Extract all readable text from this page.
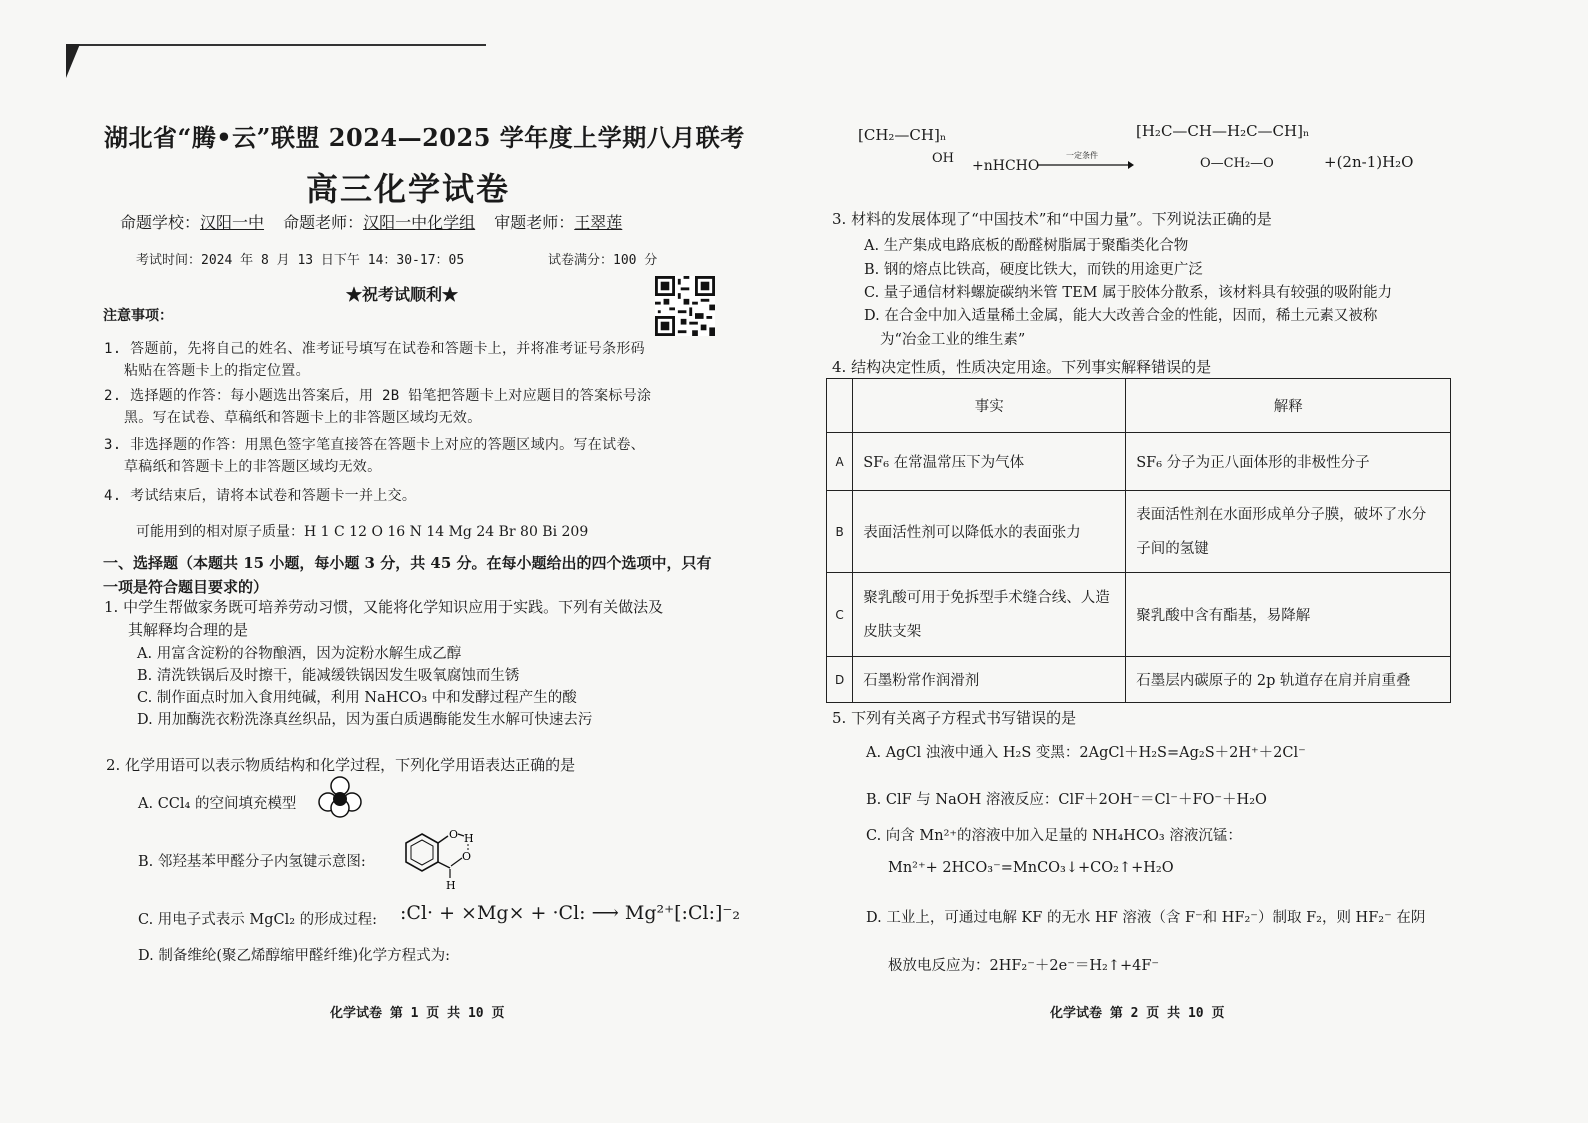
湖北省“腾•云”联盟 2024—2025 学年度上学期八月联考
高三化学试卷
命题学校：汉阳一中 命题老师：汉阳一中化学组 审题老师：王翠莲
考试时间：2024 年 8 月 13 日下午 14：30-17：05	试卷满分：100 分
★祝考试顺利★
注意事项：
1. 答题前，先将自己的姓名、准考证号填写在试卷和答题卡上，并将准考证号条形码
粘贴在答题卡上的指定位置。
2. 选择题的作答：每小题选出答案后，用 2B 铅笔把答题卡上对应题目的答案标号涂
黑。写在试卷、草稿纸和答题卡上的非答题区域均无效。
3. 非选择题的作答：用黑色签字笔直接答在答题卡上对应的答题区域内。写在试卷、
草稿纸和答题卡上的非答题区域均无效。
4. 考试结束后，请将本试卷和答题卡一并上交。
可能用到的相对原子质量：H 1 C 12 O 16 N 14 Mg 24 Br 80 Bi 209
一、选择题（本题共 15 小题，每小题 3 分，共 45 分。在每小题给出的四个选项中，只有一项是符合题目要求的）
1. 中学生帮做家务既可培养劳动习惯，又能将化学知识应用于实践。下列有关做法及
其解释均合理的是
A. 用富含淀粉的谷物酿酒，因为淀粉水解生成乙醇
B. 清洗铁锅后及时擦干，能减缓铁锅因发生吸氧腐蚀而生锈
C. 制作面点时加入食用纯碱，利用 NaHCO₃ 中和发酵过程产生的酸
D. 用加酶洗衣粉洗涤真丝织品，因为蛋白质遇酶能发生水解可快速去污
2. 化学用语可以表示物质结构和化学过程，下列化学用语表达正确的是
A. CCl₄ 的空间填充模型
B. 邻羟基苯甲醛分子内氢键示意图:
O H
O
H
C. 用电子式表示 MgCl₂ 的形成过程: :Cl· + ×Mg× + ·Cl: ⟶ Mg²⁺[:Cl:]⁻₂
D. 制备维纶(聚乙烯醇缩甲醛纤维)化学方程式为:
化学试卷 第 1 页 共 10 页
[CH₂—CH]ₙ
OH +nHCHO
一定条件
[H₂C—CH—H₂C—CH]ₙ
O—CH₂—O	+(2n-1)H₂O
3. 材料的发展体现了“中国技术”和“中国力量”。下列说法正确的是
A. 生产集成电路底板的酚醛树脂属于聚酯类化合物
B. 钢的熔点比铁高，硬度比铁大，而铁的用途更广泛
C. 量子通信材料螺旋碳纳米管 TEM 属于胶体分散系，该材料具有较强的吸附能力
D. 在合金中加入适量稀土金属，能大大改善合金的性能，因而，稀土元素又被称
为“冶金工业的维生素”
4. 结构决定性质，性质决定用途。下列事实解释错误的是
	事实	解释
A	SF₆ 在常温常压下为气体	SF₆ 分子为正八面体形的非极性分子
B	表面活性剂可以降低水的表面张力	表面活性剂在水面形成单分子膜，破坏了水分子间的氢键
C	聚乳酸可用于免拆型手术缝合线、人造皮肤支架	聚乳酸中含有酯基，易降解
D	石墨粉常作润滑剂	石墨层内碳原子的 2p 轨道存在肩并肩重叠
5. 下列有关离子方程式书写错误的是
A. AgCl 浊液中通入 H₂S 变黑：2AgCl＋H₂S=Ag₂S＋2H⁺＋2Cl⁻
B. ClF 与 NaOH 溶液反应：ClF＋2OH⁻＝Cl⁻＋FO⁻＋H₂O
C. 向含 Mn²⁺的溶液中加入足量的 NH₄HCO₃ 溶液沉锰：
Mn²⁺+ 2HCO₃⁻=MnCO₃↓+CO₂↑+H₂O
D. 工业上，可通过电解 KF 的无水 HF 溶液（含 F⁻和 HF₂⁻）制取 F₂，则 HF₂⁻ 在阴
极放电反应为：2HF₂⁻＋2e⁻＝H₂↑+4F⁻
化学试卷 第 2 页 共 10 页
